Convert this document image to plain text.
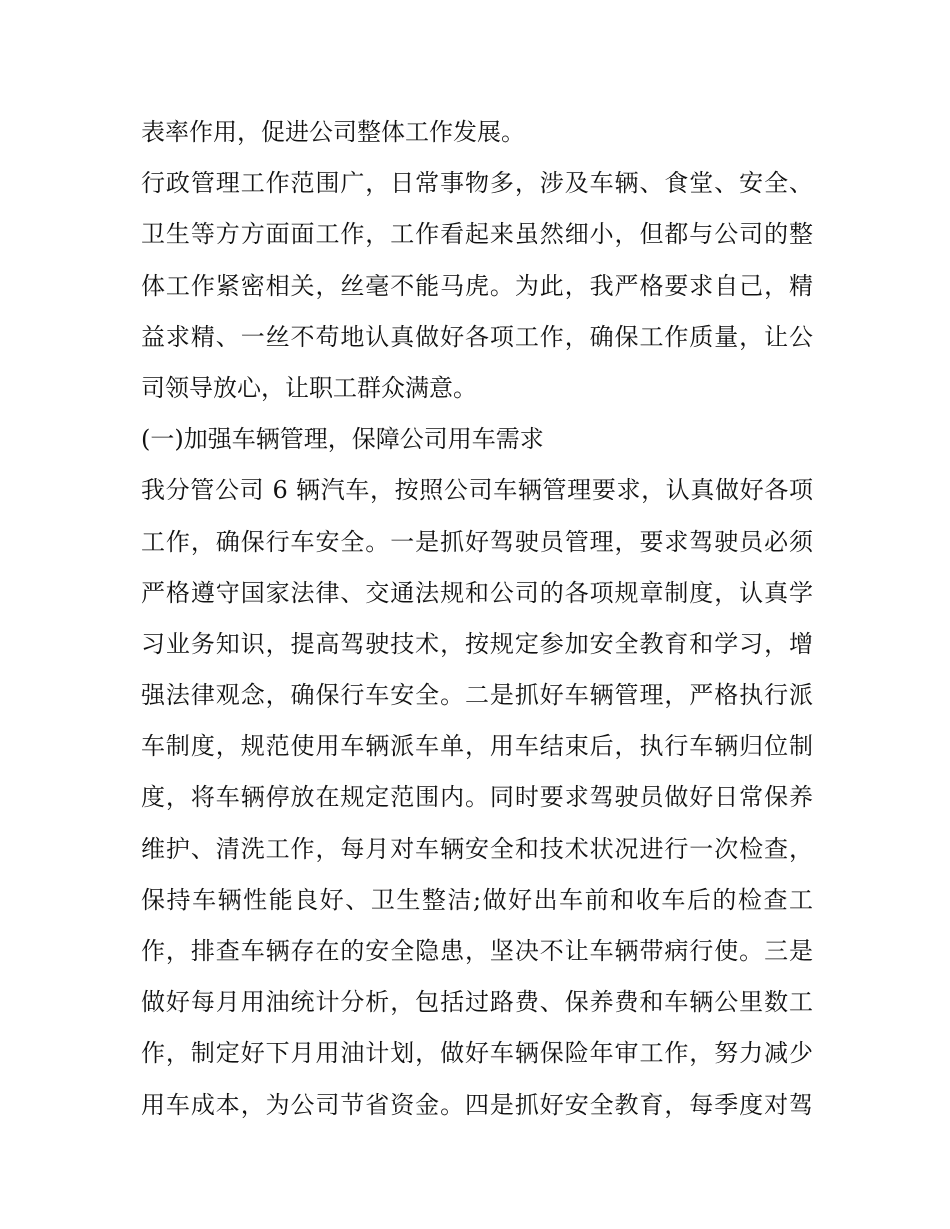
表率作用，促进公司整体工作发展。
行政管理工作范围广，日常事物多，涉及车辆、食堂、安全、
卫生等方方面面工作，工作看起来虽然细小，但都与公司的整
体工作紧密相关，丝毫不能马虎。为此，我严格要求自己，精
益求精、一丝不苟地认真做好各项工作，确保工作质量，让公
司领导放心，让职工群众满意。
(一)加强车辆管理，保障公司用车需求
我分管公司 6 辆汽车，按照公司车辆管理要求，认真做好各项
工作，确保行车安全。一是抓好驾驶员管理，要求驾驶员必须
严格遵守国家法律、交通法规和公司的各项规章制度，认真学
习业务知识，提高驾驶技术，按规定参加安全教育和学习，增
强法律观念，确保行车安全。二是抓好车辆管理，严格执行派
车制度，规范使用车辆派车单，用车结束后，执行车辆归位制
度，将车辆停放在规定范围内。同时要求驾驶员做好日常保养
维护、清洗工作，每月对车辆安全和技术状况进行一次检查，
保持车辆性能良好、卫生整洁;做好出车前和收车后的检查工
作，排查车辆存在的安全隐患，坚决不让车辆带病行使。三是
做好每月用油统计分析，包括过路费、保养费和车辆公里数工
作，制定好下月用油计划，做好车辆保险年审工作，努力减少
用车成本，为公司节省资金。四是抓好安全教育，每季度对驾
